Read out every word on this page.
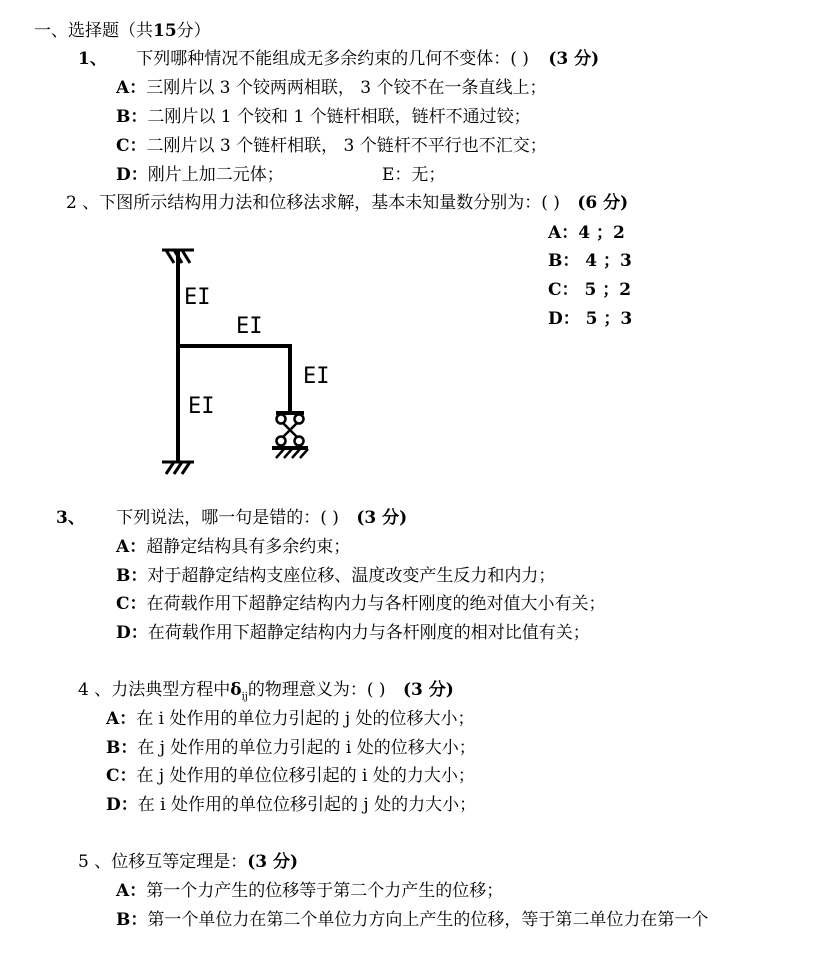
一、选择题（共15分）
1、 下列哪种情况不能组成无多余约束的几何不变体：( ) (3 分)
A：三刚片以 3 个铰两两相联， 3 个铰不在一条直线上；
B：二刚片以 1 个铰和 1 个链杆相联，链杆不通过铰；
C：二刚片以 3 个链杆相联， 3 个链杆不平行也不汇交；
D：刚片上加二元体；	E：无；
2 、下图所示结构用力法和位移法求解，基本未知量数分别为：( ) (6 分)
A：4 ；2
B： 4 ；3
C： 5 ；2
D： 5 ；3
EI
EI
EI
EI
3、 下列说法，哪一句是错的：( ) (3 分)
A：超静定结构具有多余约束；
B：对于超静定结构支座位移、温度改变产生反力和内力；
C：在荷载作用下超静定结构内力与各杆刚度的绝对值大小有关；
D：在荷载作用下超静定结构内力与各杆刚度的相对比值有关；
4 、力法典型方程中$\delta_{ij}$的物理意义为：( ) (3 分)
A：在 i 处作用的单位力引起的 j 处的位移大小；
B：在 j 处作用的单位力引起的 i 处的位移大小；
C：在 j 处作用的单位位移引起的 i 处的力大小；
D：在 i 处作用的单位位移引起的 j 处的力大小；
5 、位移互等定理是：(3 分)
A：第一个力产生的位移等于第二个力产生的位移；
B：第一个单位力在第二个单位力方向上产生的位移，等于第二单位力在第一个
